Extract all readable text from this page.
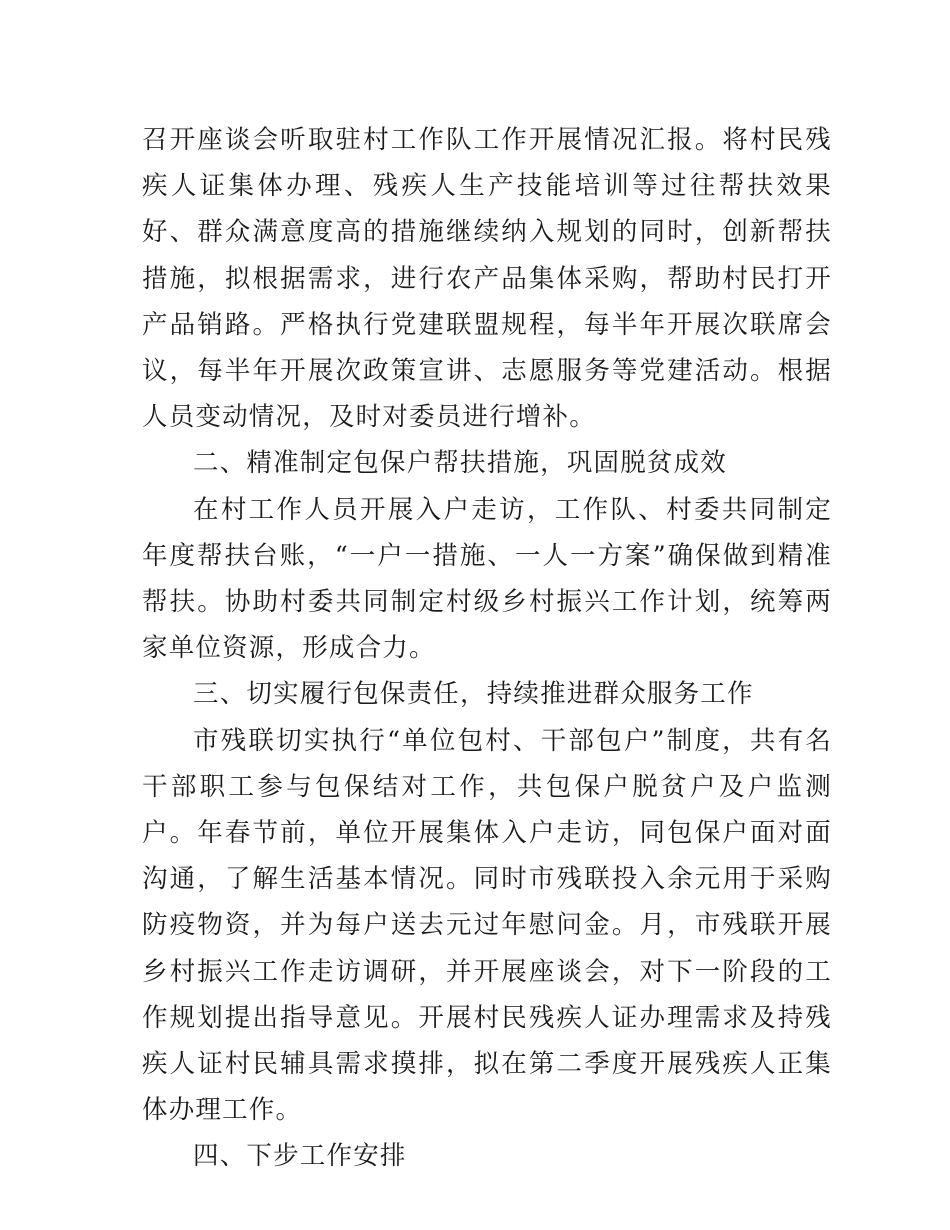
召开座谈会听取驻村工作队工作开展情况汇报。将村民残疾人证集体办理、残疾人生产技能培训等过往帮扶效果好、群众满意度高的措施继续纳入规划的同时，创新帮扶措施，拟根据需求，进行农产品集体采购，帮助村民打开产品销路。严格执行党建联盟规程，每半年开展次联席会议，每半年开展次政策宣讲、志愿服务等党建活动。根据人员变动情况，及时对委员进行增补。

二、精准制定包保户帮扶措施，巩固脱贫成效

在村工作人员开展入户走访，工作队、村委共同制定年度帮扶台账，“一户一措施、一人一方案”确保做到精准帮扶。协助村委共同制定村级乡村振兴工作计划，统筹两家单位资源，形成合力。

三、切实履行包保责任，持续推进群众服务工作

市残联切实执行“单位包村、干部包户”制度，共有名干部职工参与包保结对工作，共包保户脱贫户及户监测户。年春节前，单位开展集体入户走访，同包保户面对面沟通，了解生活基本情况。同时市残联投入余元用于采购防疫物资，并为每户送去元过年慰问金。月，市残联开展乡村振兴工作走访调研，并开展座谈会，对下一阶段的工作规划提出指导意见。开展村民残疾人证办理需求及持残疾人证村民辅具需求摸排，拟在第二季度开展残疾人正集体办理工作。

四、下步工作安排
